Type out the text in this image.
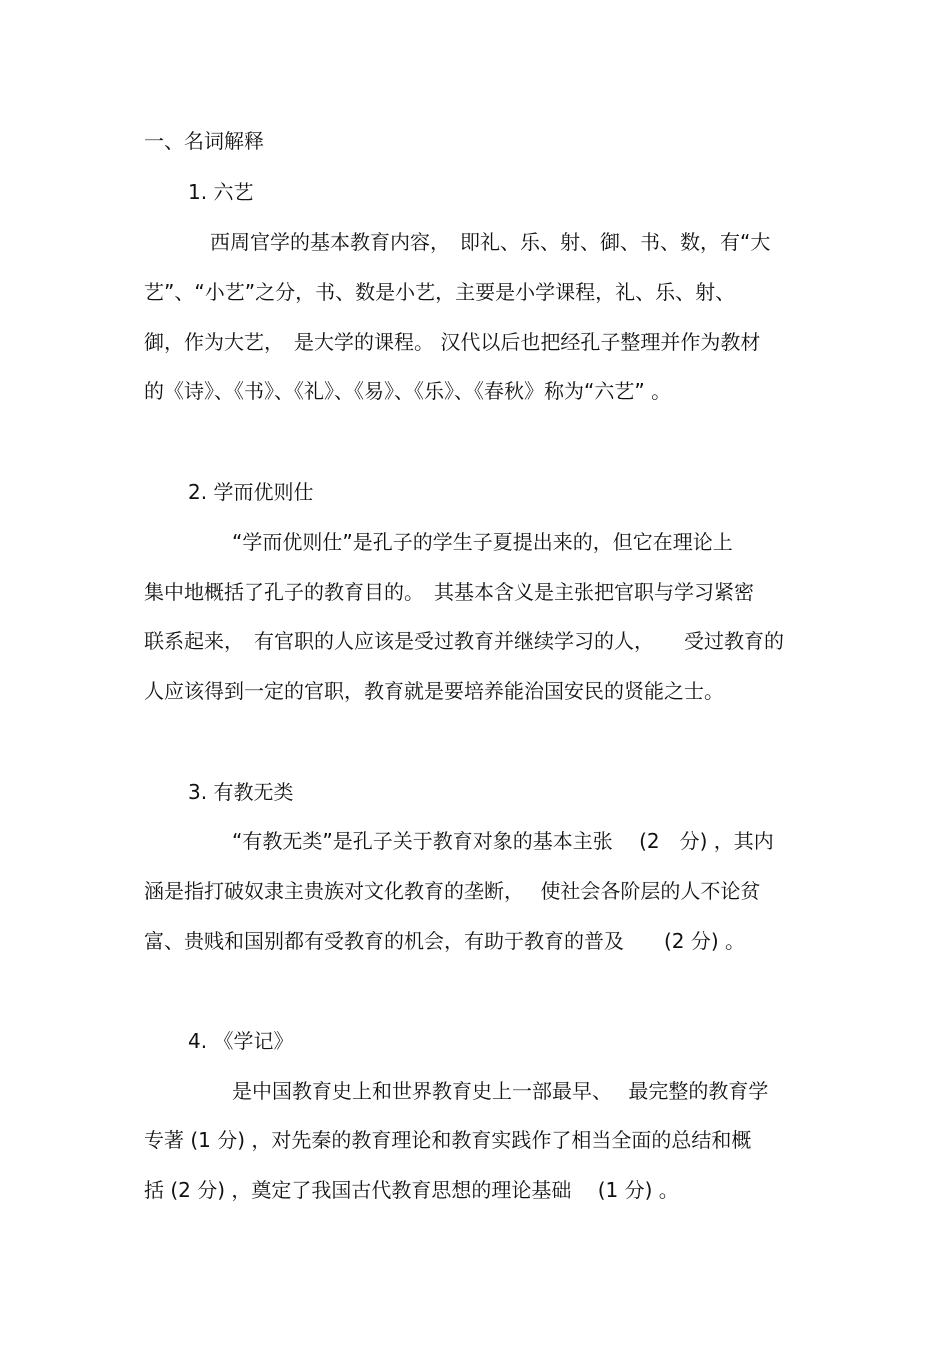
一、名词解释

1. 六艺

西周官学的基本教育内容，　即礼、乐、射、御、书、数，有“大

艺”、“小艺”之分，书、数是小艺，主要是小学课程，礼、乐、射、

御，作为大艺，　是大学的课程。 汉代以后也把经孔子整理并作为教材

的《诗》、《书》、《礼》、《易》、《乐》、《春秋》称为“六艺” 。

2. 学而优则仕

“学而优则仕”是孔子的学生子夏提出来的，但它在理论上

集中地概括了孔子的教育目的。　其基本含义是主张把官职与学习紧密

联系起来，　有官职的人应该是受过教育并继续学习的人，　　受过教育的

人应该得到一定的官职，教育就是要培养能治国安民的贤能之士。

3. 有教无类

“有教无类”是孔子关于教育对象的基本主张　 (2　分) ，其内

涵是指打破奴隶主贵族对文化教育的垄断，　 使社会各阶层的人不论贫

富、贵贱和国别都有受教育的机会，有助于教育的普及　　(2 分) 。

4. 《学记》

是中国教育史上和世界教育史上一部最早、　 最完整的教育学

专著 (1 分) ，对先秦的教育理论和教育实践作了相当全面的总结和概

括 (2 分) ，奠定了我国古代教育思想的理论基础　 (1 分) 。
